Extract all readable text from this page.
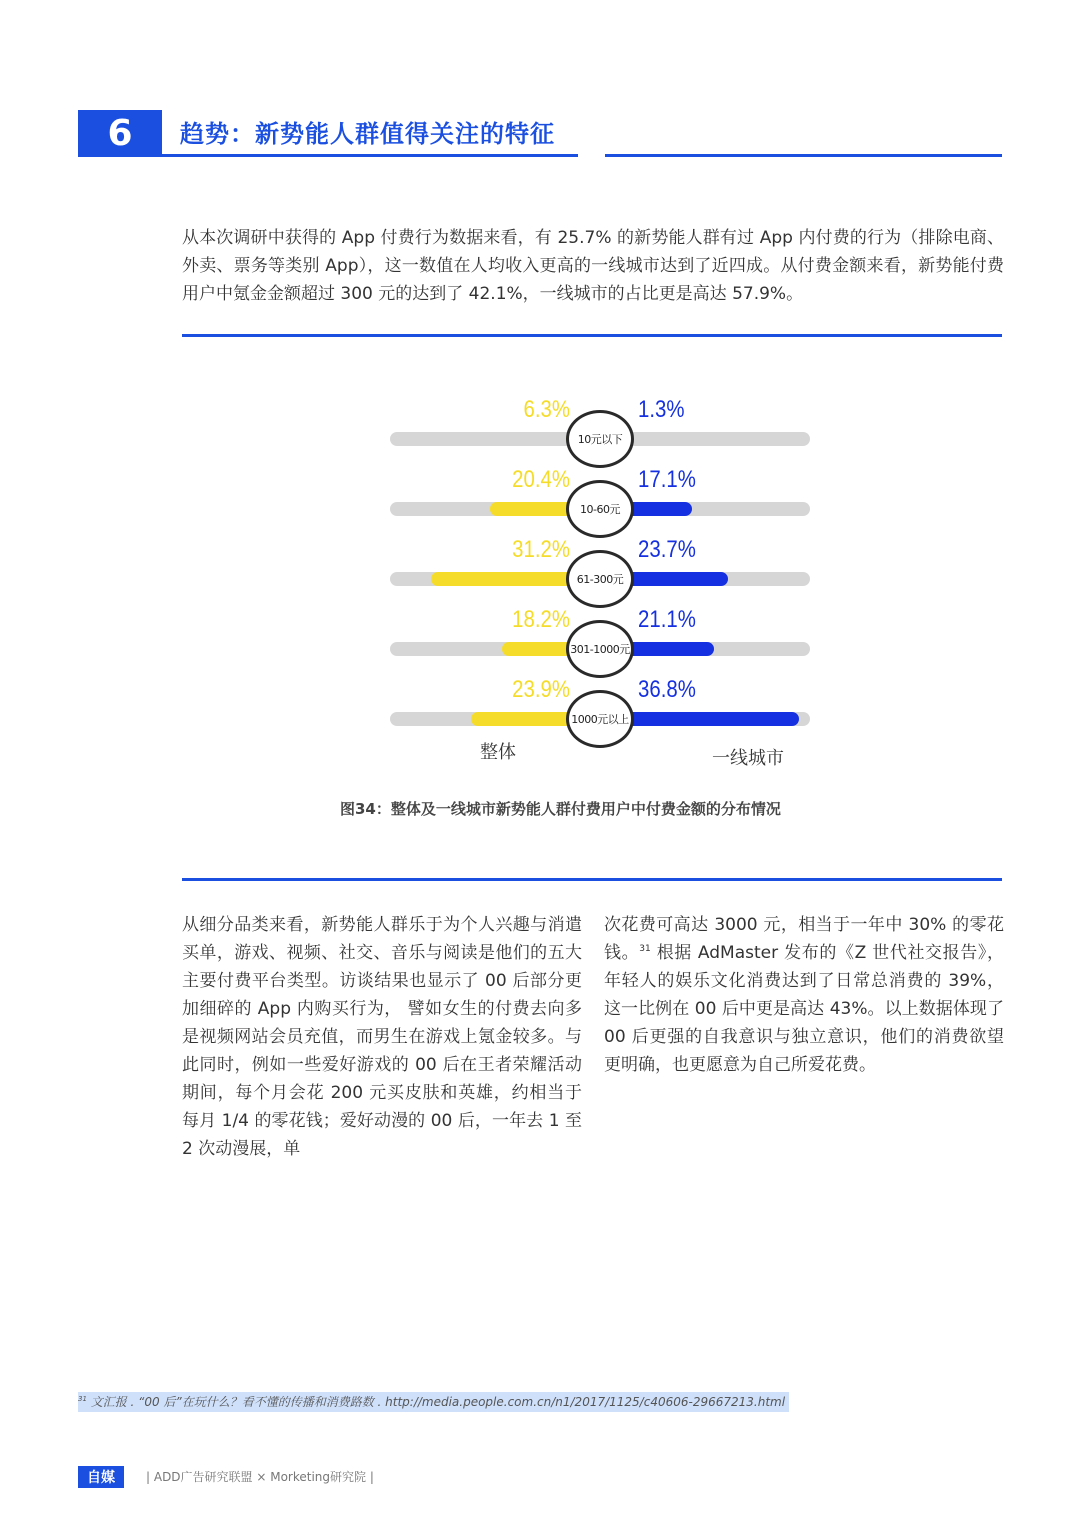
6	趋势：新势能人群值得关注的特征

从本次调研中获得的 App 付费行为数据来看，有 25.7% 的新势能人群有过 App 内付费的行为（排除电商、外卖、票务等类别 App），这一数值在人均收入更高的一线城市达到了近四成。从付费金额来看，新势能付费用户中氪金金额超过 300 元的达到了 42.1%，一线城市的占比更是高达 57.9%。

6.3%	1.3%
10元以下
20.4%	17.1%
10-60元
31.2%	23.7%
61-300元
18.2%	21.1%
301-1000元
23.9%	36.8%
1000元以上
整体	一线城市
图34：整体及一线城市新势能人群付费用户中付费金额的分布情况

从细分品类来看，新势能人群乐于为个人兴趣与消遣买单，游戏、视频、社交、音乐与阅读是他们的五大主要付费平台类型。访谈结果也显示了 00 后部分更加细碎的 App 内购买行为， 譬如女生的付费去向多是视频网站会员充值，而男生在游戏上氪金较多。与此同时，例如一些爱好游戏的 00 后在王者荣耀活动期间，每个月会花 200 元买皮肤和英雄，约相当于每月 1/4 的零花钱；爱好动漫的 00 后，一年去 1 至 2 次动漫展，单

次花费可高达 3000 元，相当于一年中 30% 的零花钱。$^{31}$ 根据 AdMaster 发布的《Z 世代社交报告》，年轻人的娱乐文化消费达到了日常总消费的 39%，这一比例在 00 后中更是高达 43%。以上数据体现了 00 后更强的自我意识与独立意识，他们的消费欲望更明确，也更愿意为自己所爱花费。

$^{31}$ 文汇报 . “00 后”在玩什么？看不懂的传播和消费路数 . http://media.people.com.cn/n1/2017/1125/c40606-29667213.html
自媒	| ADD广告研究联盟 × Morketing研究院 |
